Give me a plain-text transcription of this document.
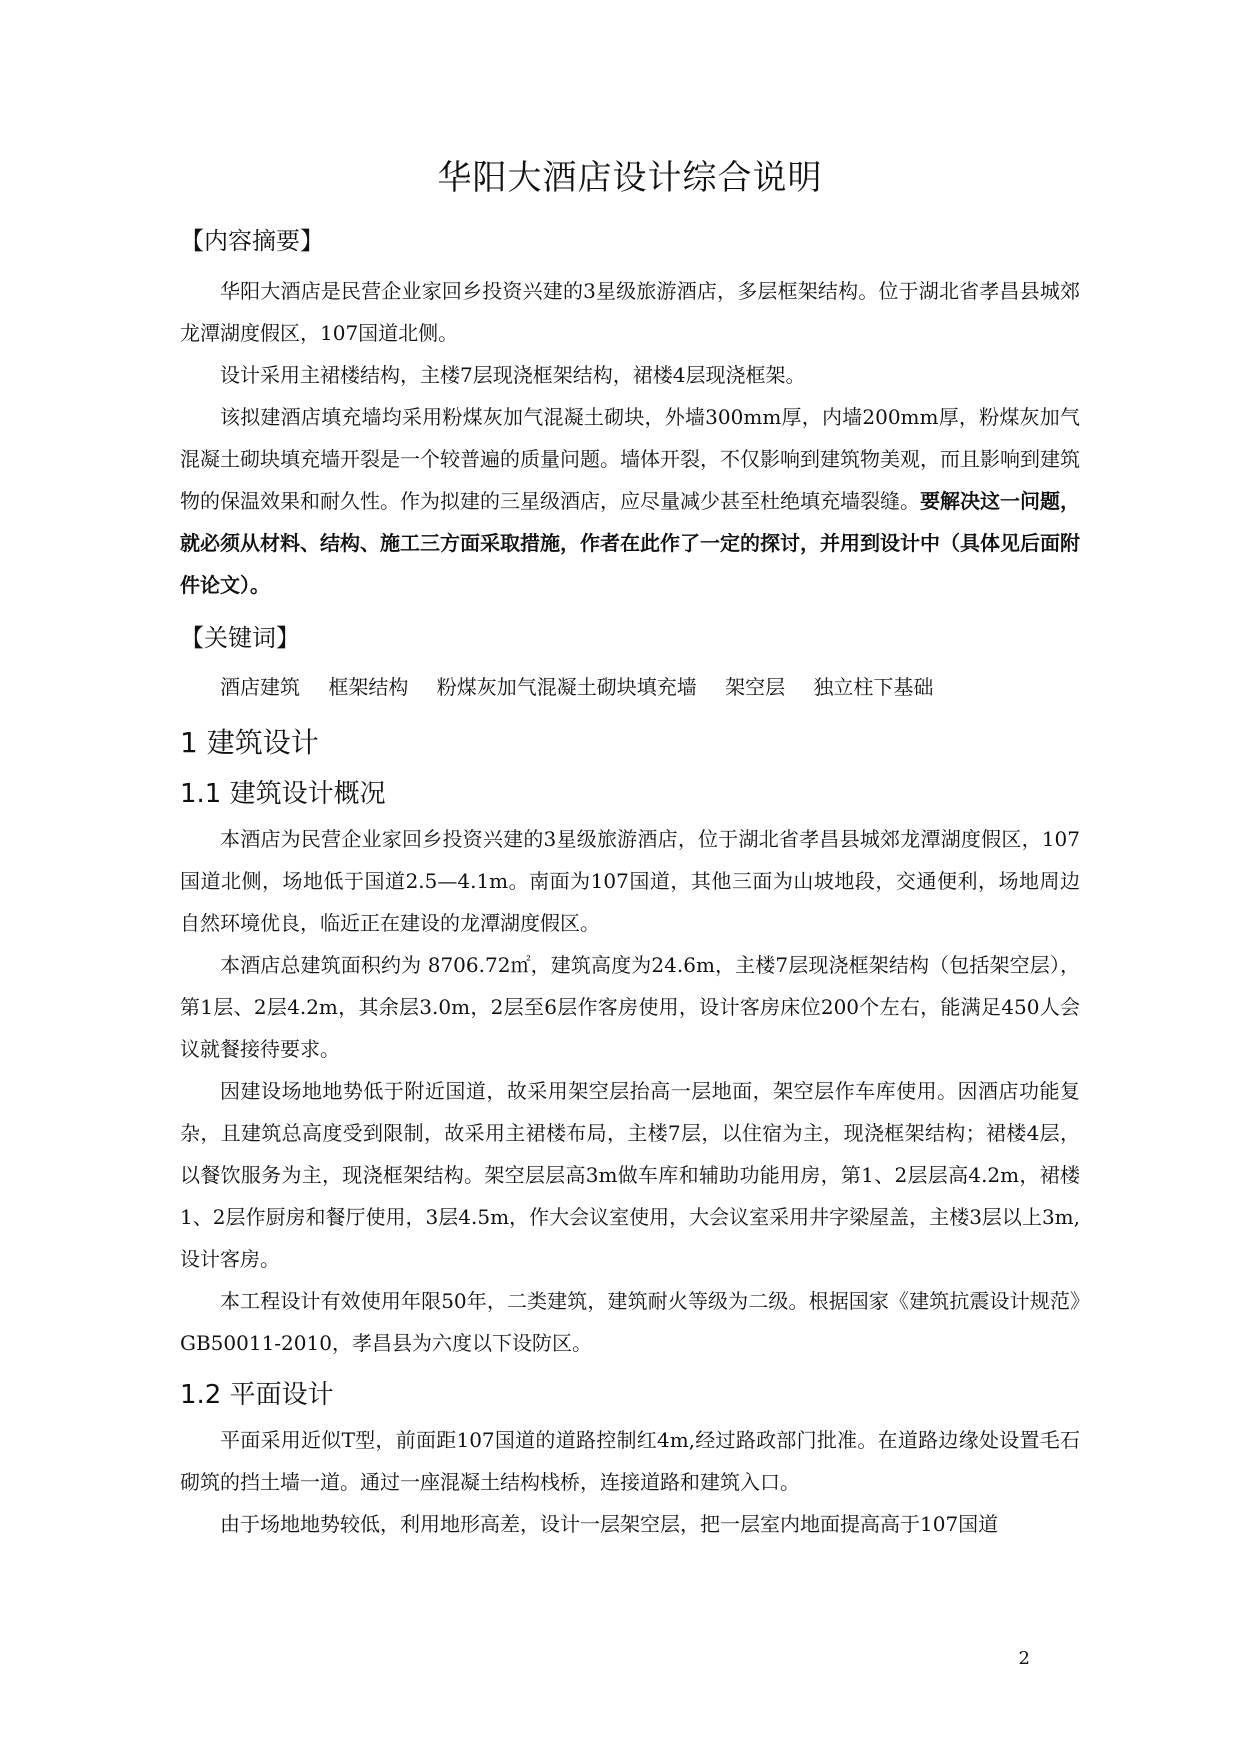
华阳大酒店设计综合说明
【内容摘要】

华阳大酒店是民营企业家回乡投资兴建的3星级旅游酒店，多层框架结构。位于湖北省孝昌县城郊龙潭湖度假区，107国道北侧。

设计采用主裙楼结构，主楼7层现浇框架结构，裙楼4层现浇框架。

该拟建酒店填充墙均采用粉煤灰加气混凝土砌块，外墙300mm厚，内墙200mm厚，粉煤灰加气混凝土砌块填充墙开裂是一个较普遍的质量问题。墙体开裂，不仅影响到建筑物美观，而且影响到建筑物的保温效果和耐久性。作为拟建的三星级酒店，应尽量减少甚至杜绝填充墙裂缝。要解决这一问题，就必须从材料、结构、施工三方面采取措施，作者在此作了一定的探讨，并用到设计中（具体见后面附件论文）。

【关键词】

酒店建筑 框架结构 粉煤灰加气混凝土砌块填充墙 架空层 独立柱下基础

1 建筑设计
1.1 建筑设计概况

本酒店为民营企业家回乡投资兴建的3星级旅游酒店，位于湖北省孝昌县城郊龙潭湖度假区，107国道北侧，场地低于国道2.5—4.1m。南面为107国道，其他三面为山坡地段，交通便利，场地周边自然环境优良，临近正在建设的龙潭湖度假区。

本酒店总建筑面积约为 8706.72㎡，建筑高度为24.6m，主楼7层现浇框架结构（包括架空层），第1层、2层4.2m，其余层3.0m，2层至6层作客房使用，设计客房床位200个左右，能满足450人会议就餐接待要求。

因建设场地地势低于附近国道，故采用架空层抬高一层地面，架空层作车库使用。因酒店功能复杂，且建筑总高度受到限制，故采用主裙楼布局，主楼7层，以住宿为主，现浇框架结构；裙楼4层，以餐饮服务为主，现浇框架结构。架空层层高3m做车库和辅助功能用房，第1、2层层高4.2m，裙楼1、2层作厨房和餐厅使用，3层4.5m，作大会议室使用，大会议室采用井字梁屋盖，主楼3层以上3m,设计客房。

本工程设计有效使用年限50年，二类建筑，建筑耐火等级为二级。根据国家《建筑抗震设计规范》GB50011-2010，孝昌县为六度以下设防区。

1.2 平面设计

平面采用近似T型，前面距107国道的道路控制红4m,经过路政部门批准。在道路边缘处设置毛石砌筑的挡土墙一道。通过一座混凝土结构栈桥，连接道路和建筑入口。

由于场地地势较低，利用地形高差，设计一层架空层，把一层室内地面提高高于107国道

2
